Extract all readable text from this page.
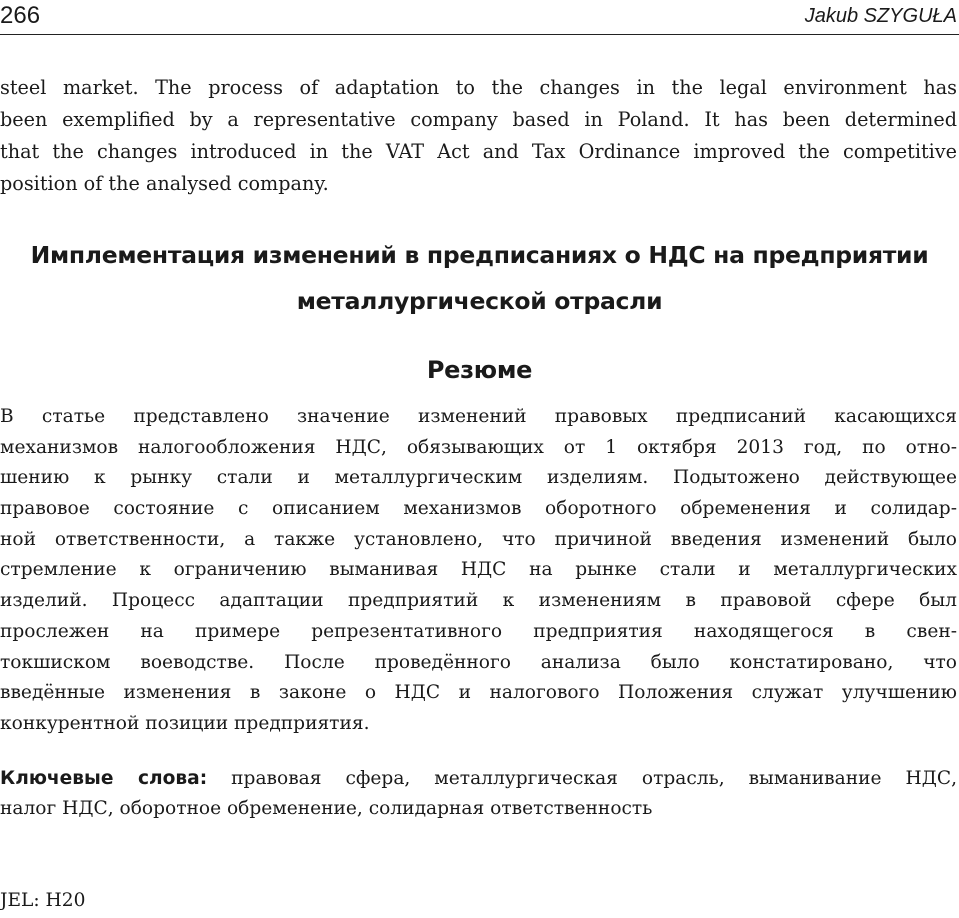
266	Jakub SZYGUŁA
steel market. The process of adaptation to the changes in the legal environment has
been exemplified by a representative company based in Poland. It has been determined
that the changes introduced in the VAT Act and Tax Ordinance improved the competitive
position of the analysed company.
Имплементация изменений в предписаниях о НДС на предприятии
металлургической отрасли
Резюме
В статье представлено значение изменений правовых предписаний касающихся
механизмов налогообложения НДС, обязывающих от 1 октября 2013 год, по отно-
шению к рынку стали и металлургическим изделиям. Подытожено действующее
правовое состояние с описанием механизмов оборотного обременения и солидар-
ной ответственности, а также установлено, что причиной введения изменений было
стремление к ограничению выманивая НДС на рынке стали и металлургических
изделий. Процесс адаптации предприятий к изменениям в правовой сфере был
прослежен на примере репрезентативного предприятия находящегося в свен-
токшиском воеводстве. После проведённого анализа было констатировано, что
введённые изменения в законе о НДС и налогового Положения служат улучшению
конкурентной позиции предприятия.
Ключевые слова: правовая сфера, металлургическая отрасль, выманивание НДС,
налог НДС, оборотное обременение, солидарная ответственность
JEL: H20
